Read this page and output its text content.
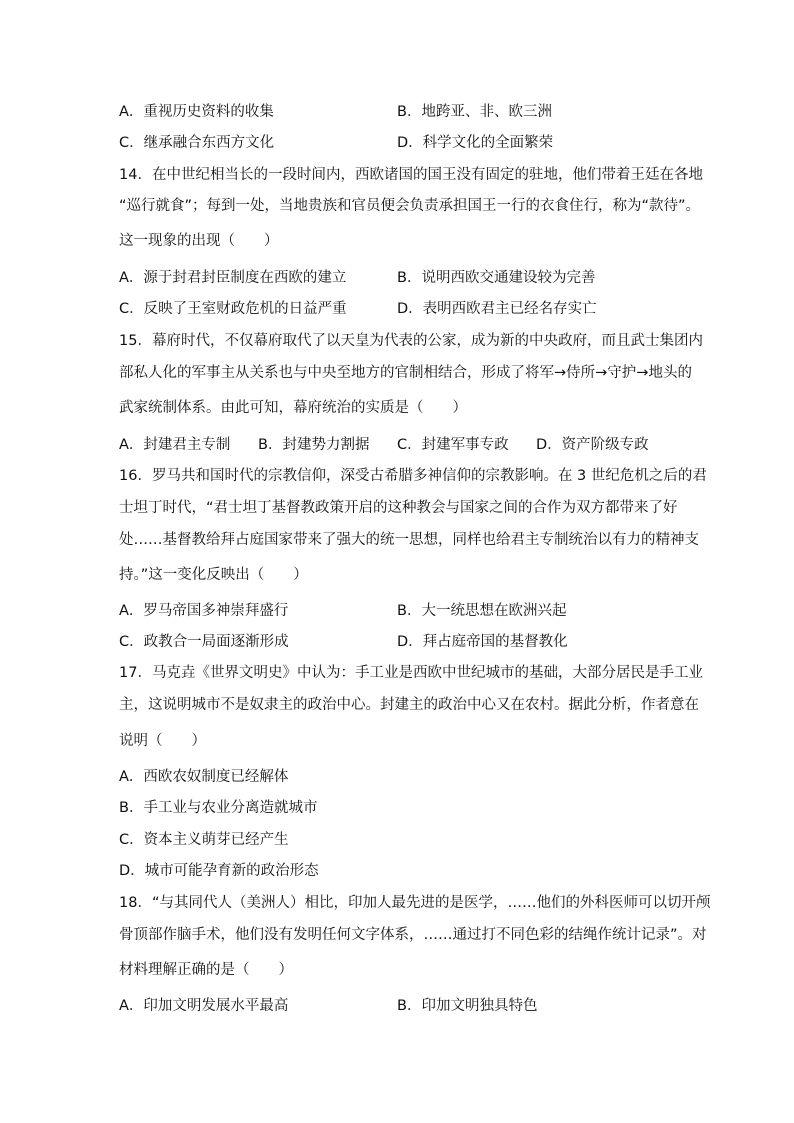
A．重视历史资料的收集	B．地跨亚、非、欧三洲
C．继承融合东西方文化	D．科学文化的全面繁荣
14．在中世纪相当长的一段时间内，西欧诸国的国王没有固定的驻地，他们带着王廷在各地
“巡行就食”；每到一处，当地贵族和官员便会负责承担国王一行的衣食住行，称为“款待”。
这一现象的出现（　　）
A．源于封君封臣制度在西欧的建立	B．说明西欧交通建设较为完善
C．反映了王室财政危机的日益严重	D．表明西欧君主已经名存实亡
15．幕府时代，不仅幕府取代了以天皇为代表的公家，成为新的中央政府，而且武士集团内
部私人化的军事主从关系也与中央至地方的官制相结合，形成了将军→侍所→守护→地头的
武家统制体系。由此可知，幕府统治的实质是（　　）
A．封建君主专制 B．封建势力割据 C．封建军事专政 D．资产阶级专政
16．罗马共和国时代的宗教信仰，深受古希腊多神信仰的宗教影响。在 3 世纪危机之后的君
士坦丁时代，“君士坦丁基督教政策开启的这种教会与国家之间的合作为双方都带来了好
处……基督教给拜占庭国家带来了强大的统一思想，同样也给君主专制统治以有力的精神支
持。”这一变化反映出（　　）
A．罗马帝国多神崇拜盛行	B．大一统思想在欧洲兴起
C．政教合一局面逐渐形成	D．拜占庭帝国的基督教化
17．马克垚《世界文明史》中认为：手工业是西欧中世纪城市的基础，大部分居民是手工业
主，这说明城市不是奴隶主的政治中心。封建主的政治中心又在农村。据此分析，作者意在
说明（　　）
A．西欧农奴制度已经解体
B．手工业与农业分离造就城市
C．资本主义萌芽已经产生
D．城市可能孕育新的政治形态
18．“与其同代人（美洲人）相比，印加人最先进的是医学，……他们的外科医师可以切开颅
骨顶部作脑手术，他们没有发明任何文字体系，……通过打不同色彩的结绳作统计记录”。对
材料理解正确的是（　　）
A．印加文明发展水平最高	B．印加文明独具特色
